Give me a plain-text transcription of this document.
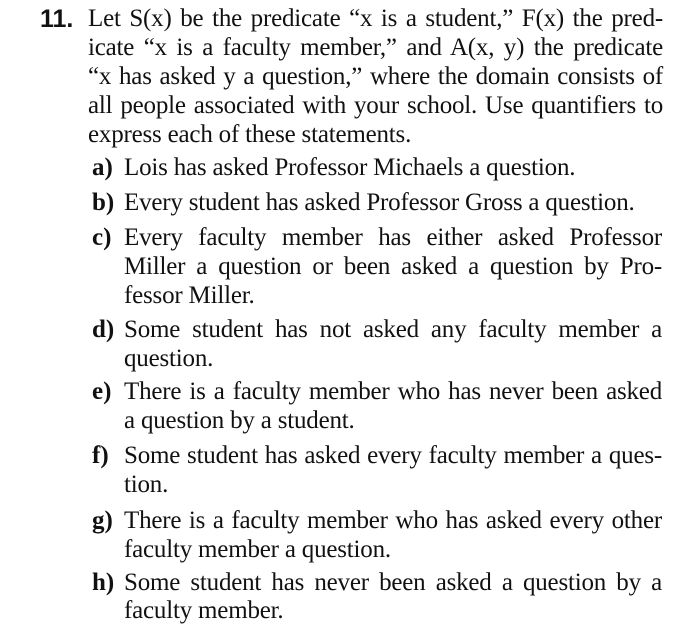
11. Let S(x) be the predicate “x is a student,” F(x) the pred-
icate “x is a faculty member,” and A(x, y) the predicate
“x has asked y a question,” where the domain consists of
all people associated with your school. Use quantifiers to
express each of these statements.
a) Lois has asked Professor Michaels a question.
b) Every student has asked Professor Gross a question.
c) Every faculty member has either asked Professor
Miller a question or been asked a question by Pro-
fessor Miller.
d) Some student has not asked any faculty member a
question.
e) There is a faculty member who has never been asked
a question by a student.
f) Some student has asked every faculty member a ques-
tion.
g) There is a faculty member who has asked every other
faculty member a question.
h) Some student has never been asked a question by a
faculty member.
